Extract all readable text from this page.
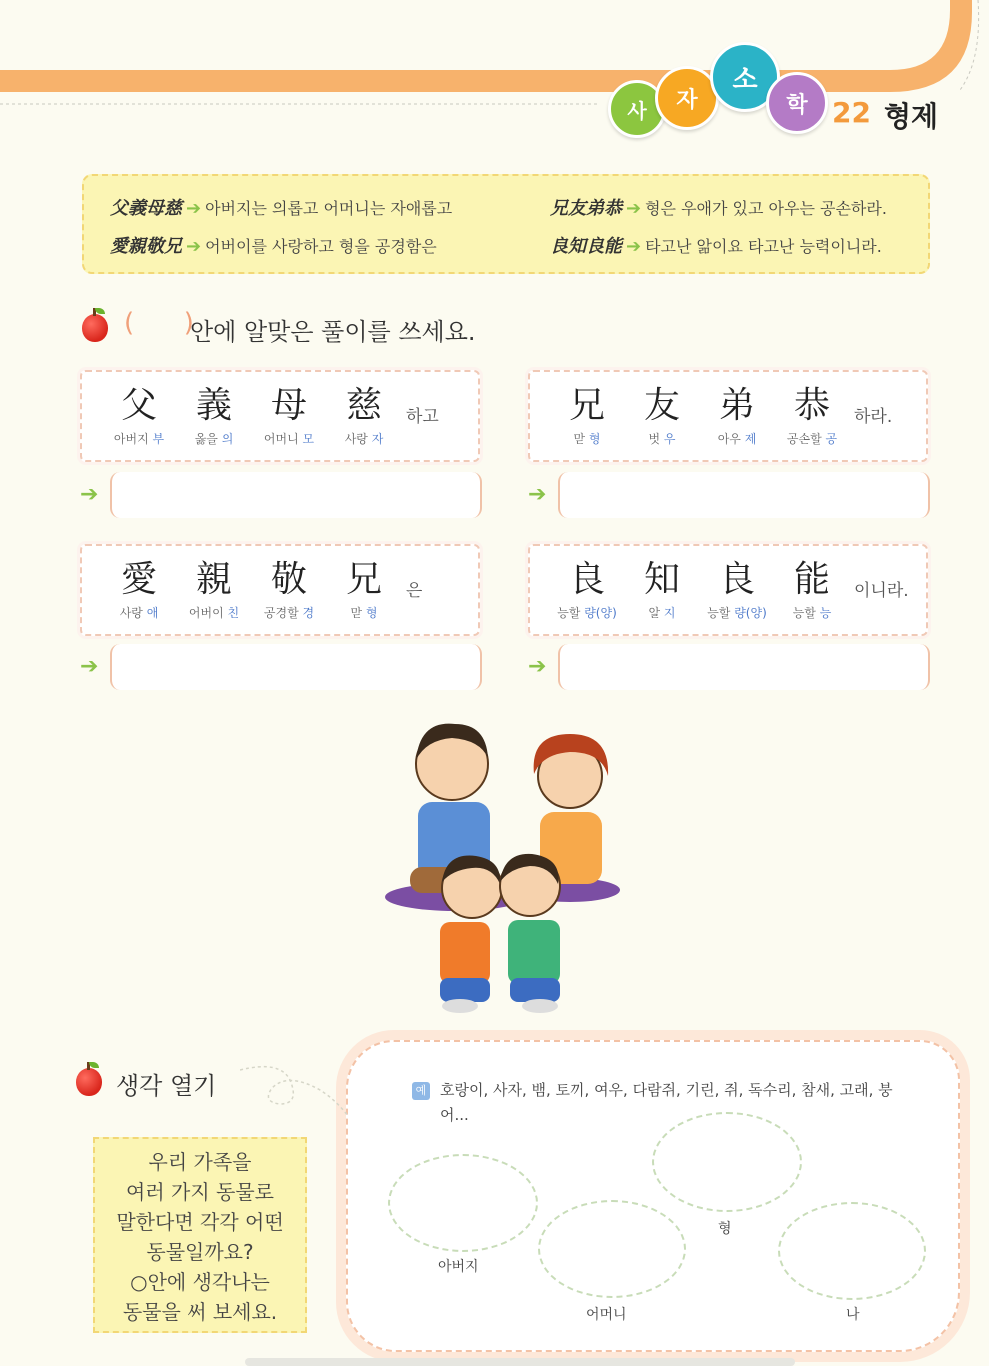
사 자
소
학 22 형제
父義母慈 ➔ 아버지는 의롭고 어머니는 자애롭고	兄友弟恭 ➔ 형은 우애가 있고 아우는 공손하라.
愛親敬兄 ➔ 어버이를 사랑하고 형을 공경함은	良知良能 ➔ 타고난 앎이요 타고난 능력이니라.
(      )
안에 알맞은 풀이를 쓰세요.
父
아버지 부
義
옳을 의
母
어머니 모
慈
사랑 자
하고
➔
兄
맏 형
友
벗 우
弟
아우 제
恭
공손할 공
하라.
➔
愛
사랑 애
親
어버이 친
敬
공경할 경
兄
맏 형
은
➔
良
능할 량(양)
知
알 지
良
능할 량(양)
能
능할 능
이니라.
➔
생각 열기
우리 가족을
여러 가지 동물로
말한다면 각각 어떤
동물일까요?
○안에 생각나는
동물을 써 보세요.
예 호랑이, 사자, 뱀, 토끼, 여우, 다람쥐, 기린, 쥐, 독수리, 참새, 고래, 붕어...
아버지
어머니
형
나
